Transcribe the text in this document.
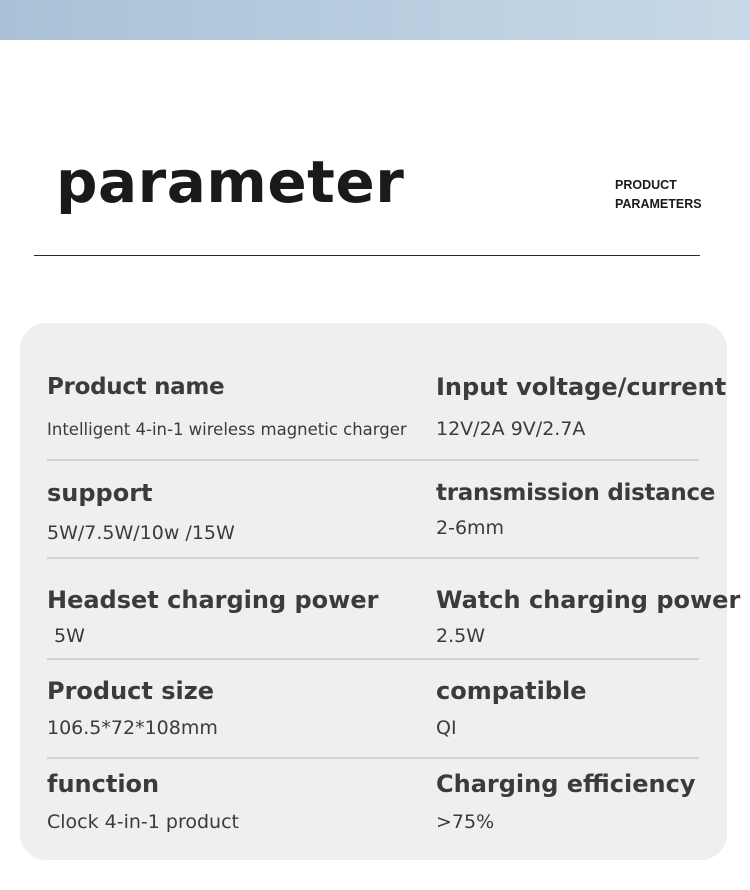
parameter	PRODUCT
PARAMETERS
Product name
Intelligent 4-in-1 wireless magnetic charger
Input voltage/current
12V/2A 9V/2.7A
support
5W/7.5W/10w /15W
transmission distance
2-6mm
Headset charging power
5W
Watch charging power
2.5W
Product size
106.5*72*108mm
compatible
QI
function
Clock 4-in-1 product
Charging efficiency
>75%
